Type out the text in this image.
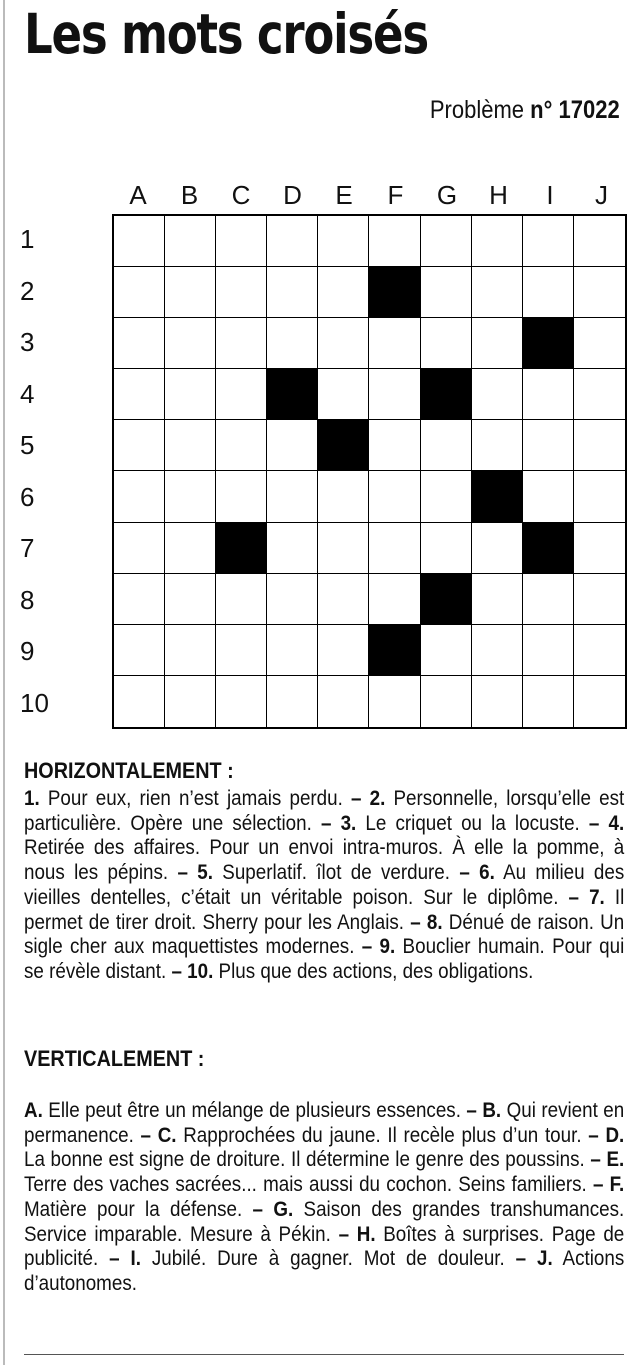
Les mots croisés
Problème n° 17022
A	B	C	D	E	F	G	H	I	J
1
2
3
4
5
6
7
8
9
10
HORIZONTALEMENT :

1. Pour eux, rien n’est jamais perdu. – 2. Personnelle, lorsqu’elle est particulière. Opère une sélection. – 3. Le criquet ou la locuste. – 4. Retirée des affaires. Pour un envoi intra-muros. À elle la pomme, à nous les pépins. – 5. Superlatif. îlot de verdure. – 6. Au milieu des vieilles dentelles, c’était un véritable poison. Sur le diplôme. – 7. Il permet de tirer droit. Sherry pour les Anglais. – 8. Dénué de raison. Un sigle cher aux maquettistes modernes. – 9. Bouclier humain. Pour qui se révèle distant. – 10. Plus que des actions, des obligations.

VERTICALEMENT :

A. Elle peut être un mélange de plusieurs essences. – B. Qui revient en permanence. – C. Rapprochées du jaune. Il recèle plus d’un tour. – D. La bonne est signe de droiture. Il détermine le genre des poussins. – E. Terre des vaches sacrées... mais aussi du cochon. Seins familiers. – F. Matière pour la défense. – G. Saison des grandes transhumances. Service imparable. Mesure à Pékin. – H. Boîtes à surprises. Page de publicité. – I. Jubilé. Dure à gagner. Mot de douleur. – J. Actions d’autonomes.
